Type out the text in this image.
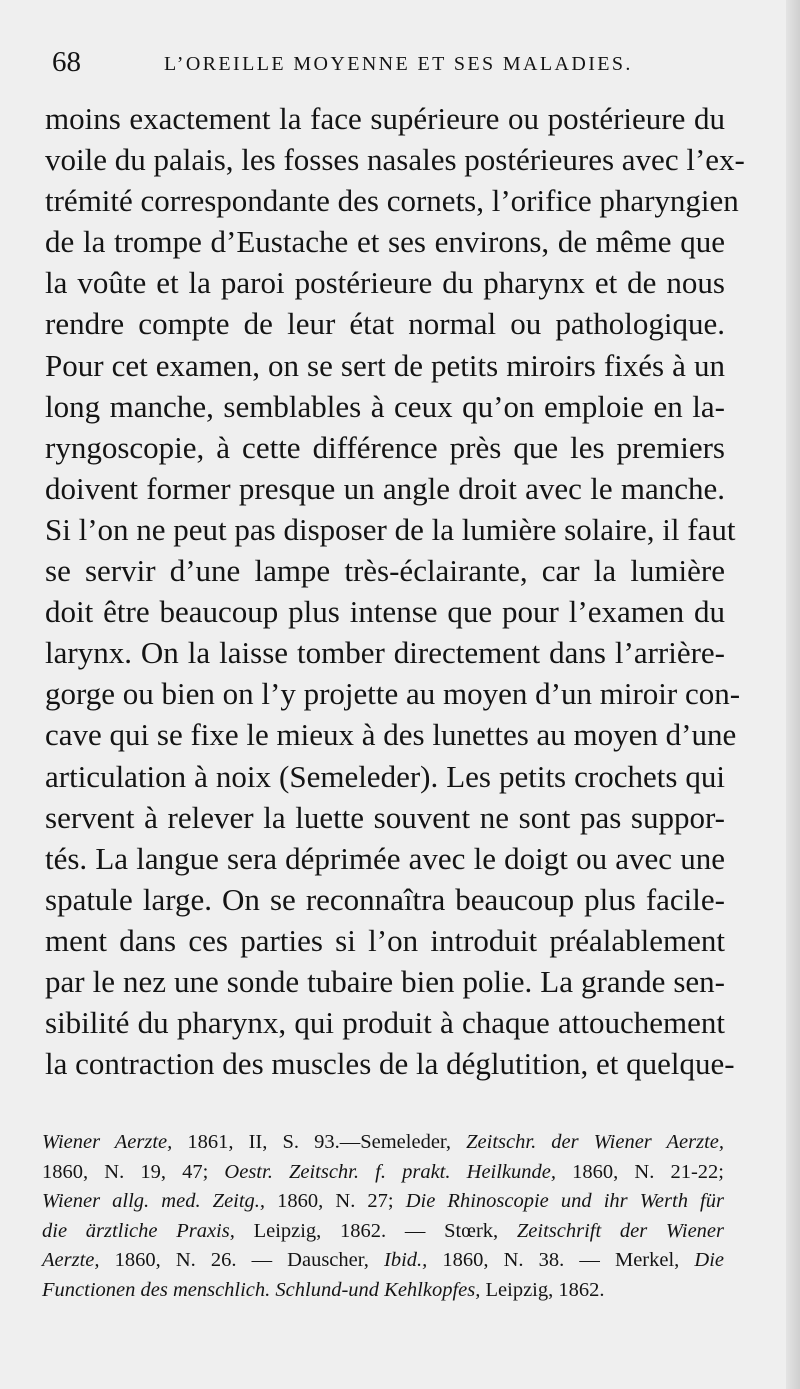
68	L’OREILLE MOYENNE ET SES MALADIES.
moins exactement la face supérieure ou postérieure du
voile du palais, les fosses nasales postérieures avec l’ex-
trémité correspondante des cornets, l’orifice pharyngien
de la trompe d’Eustache et ses environs, de même que
la voûte et la paroi postérieure du pharynx et de nous
rendre compte de leur état normal ou pathologique.
Pour cet examen, on se sert de petits miroirs fixés à un
long manche, semblables à ceux qu’on emploie en la-
ryngoscopie, à cette différence près que les premiers
doivent former presque un angle droit avec le manche.
Si l’on ne peut pas disposer de la lumière solaire, il faut
se servir d’une lampe très-éclairante, car la lumière
doit être beaucoup plus intense que pour l’examen du
larynx. On la laisse tomber directement dans l’arrière-
gorge ou bien on l’y projette au moyen d’un miroir con-
cave qui se fixe le mieux à des lunettes au moyen d’une
articulation à noix (Semeleder). Les petits crochets qui
servent à relever la luette souvent ne sont pas suppor-
tés. La langue sera déprimée avec le doigt ou avec une
spatule large. On se reconnaîtra beaucoup plus facile-
ment dans ces parties si l’on introduit préalablement
par le nez une sonde tubaire bien polie. La grande sen-
sibilité du pharynx, qui produit à chaque attouchement
la contraction des muscles de la déglutition, et quelque-
Wiener Aerzte, 1861, II, S. 93.—Semeleder, Zeitschr. der Wiener Aerzte,
1860, N. 19, 47; Oestr. Zeitschr. f. prakt. Heilkunde, 1860, N. 21-22;
Wiener allg. med. Zeitg., 1860, N. 27; Die Rhinoscopie und ihr Werth für
die ärztliche Praxis, Leipzig, 1862. — Stœrk, Zeitschrift der Wiener
Aerzte, 1860, N. 26. — Dauscher, Ibid., 1860, N. 38. — Merkel, Die
Functionen des menschlich. Schlund-und Kehlkopfes, Leipzig, 1862.
